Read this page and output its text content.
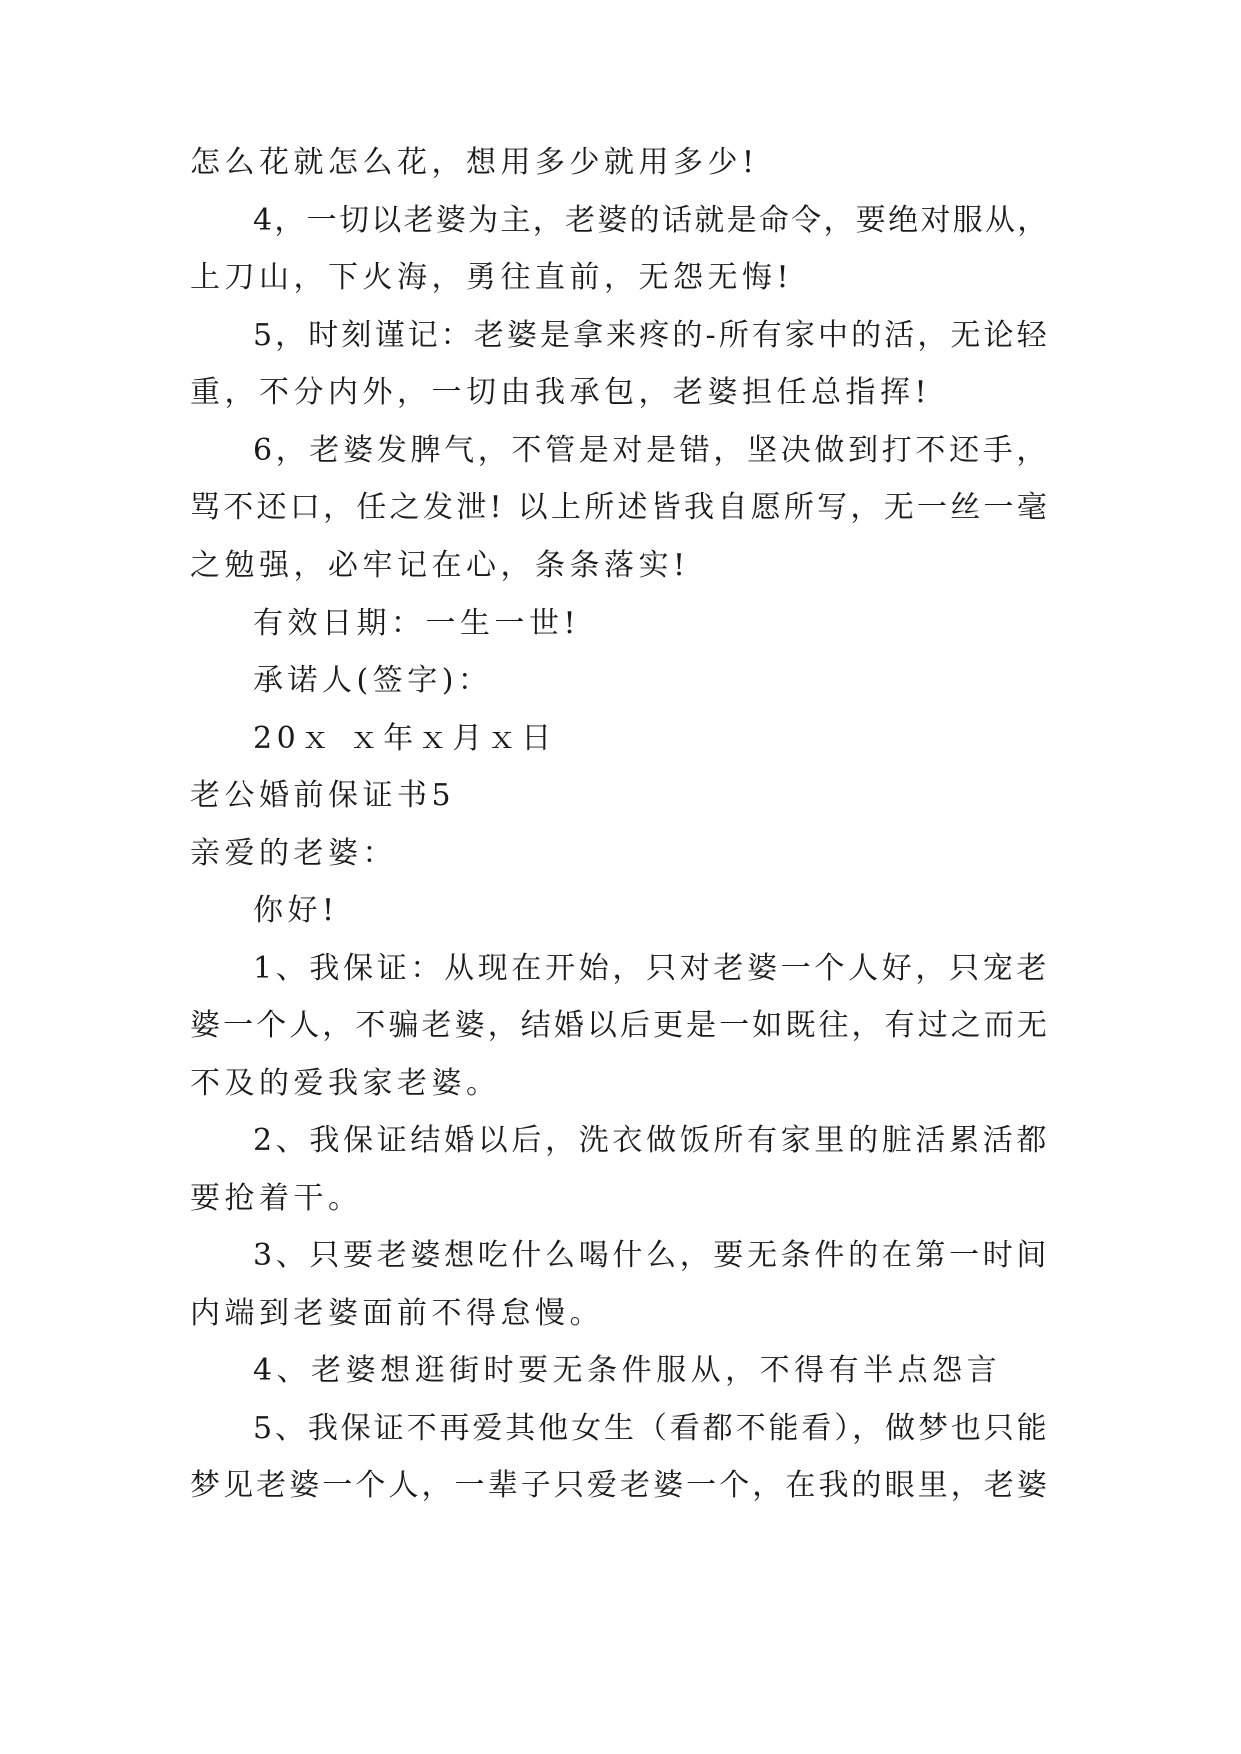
怎么花就怎么花，想用多少就用多少!
4，一切以老婆为主，老婆的话就是命令，要绝对服从，
上刀山，下火海，勇往直前，无怨无悔!
5，时刻谨记：老婆是拿来疼的-所有家中的活，无论轻
重，不分内外，一切由我承包，老婆担任总指挥!
6，老婆发脾气，不管是对是错，坚决做到打不还手，
骂不还口，任之发泄! 以上所述皆我自愿所写，无一丝一毫
之勉强，必牢记在心，条条落实!
有效日期：一生一世!
承诺人(签字)：
20ｘ ｘ年ｘ月ｘ日
老公婚前保证书5
亲爱的老婆：
你好!
1、我保证：从现在开始，只对老婆一个人好，只宠老
婆一个人，不骗老婆，结婚以后更是一如既往，有过之而无
不及的爱我家老婆。
2、我保证结婚以后，洗衣做饭所有家里的脏活累活都
要抢着干。
3、只要老婆想吃什么喝什么，要无条件的在第一时间
内端到老婆面前不得怠慢。
4、老婆想逛街时要无条件服从，不得有半点怨言
5、我保证不再爱其他女生（看都不能看），做梦也只能
梦见老婆一个人，一辈子只爱老婆一个，在我的眼里，老婆
